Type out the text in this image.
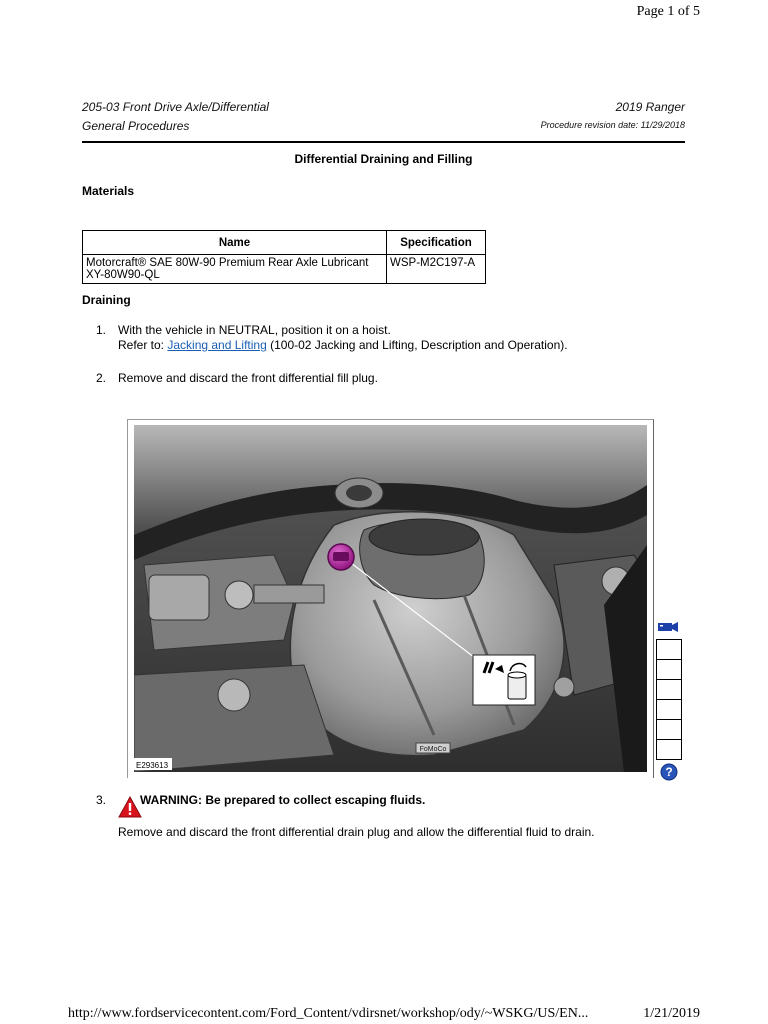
Page 1 of 5
205-03 Front Drive Axle/Differential
General Procedures
2019 Ranger
Procedure revision date: 11/29/2018
Differential Draining and Filling
Materials
Name	Specification

Motorcraft® SAE 80W-90 Premium Rear Axle Lubricant
XY-80W90-QL	WSP-M2C197-A
Draining
1. With the vehicle in NEUTRAL, position it on a hoist.
Refer to: Jacking and Lifting (100-02 Jacking and Lifting, Description and Operation).
2. Remove and discard the front differential fill plug.
FoMoCo
E293613	?
3.	WARNING: Be prepared to collect escaping fluids.
Remove and discard the front differential drain plug and allow the differential fluid to drain.
http://www.fordservicecontent.com/Ford_Content/vdirsnet/workshop/ody/~WSKG/US/EN...	1/21/2019
